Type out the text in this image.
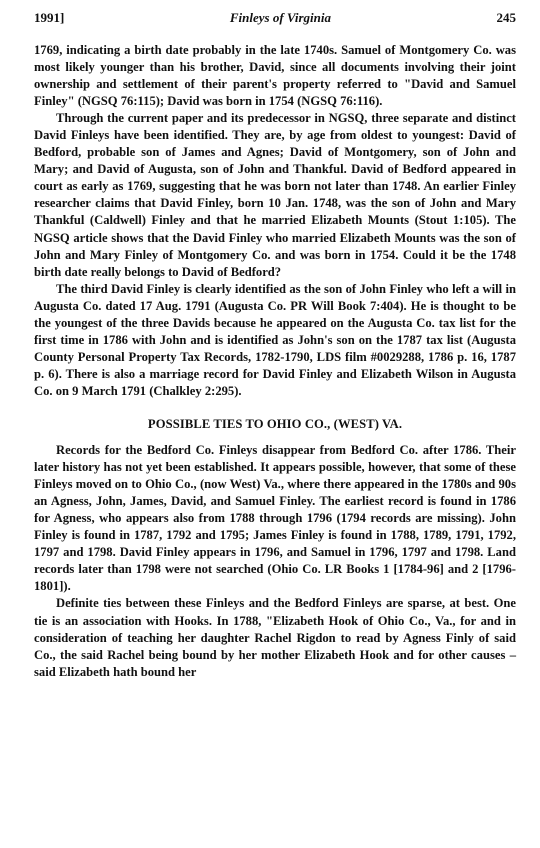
1991]	Finleys of Virginia	245

1769, indicating a birth date probably in the late 1740s. Samuel of Montgomery Co. was most likely younger than his brother, David, since all documents involving their joint ownership and settlement of their parent's property referred to "David and Samuel Finley" (NGSQ 76:115); David was born in 1754 (NGSQ 76:116).

Through the current paper and its predecessor in NGSQ, three separate and distinct David Finleys have been identified. They are, by age from oldest to youngest: David of Bedford, probable son of James and Agnes; David of Montgomery, son of John and Mary; and David of Augusta, son of John and Thankful. David of Bedford appeared in court as early as 1769, suggesting that he was born not later than 1748. An earlier Finley researcher claims that David Finley, born 10 Jan. 1748, was the son of John and Mary Thankful (Caldwell) Finley and that he married Elizabeth Mounts (Stout 1:105). The NGSQ article shows that the David Finley who married Elizabeth Mounts was the son of John and Mary Finley of Montgomery Co. and was born in 1754. Could it be the 1748 birth date really belongs to David of Bedford?

The third David Finley is clearly identified as the son of John Finley who left a will in Augusta Co. dated 17 Aug. 1791 (Augusta Co. PR Will Book 7:404). He is thought to be the youngest of the three Davids because he appeared on the Augusta Co. tax list for the first time in 1786 with John and is identified as John's son on the 1787 tax list (Augusta County Personal Property Tax Records, 1782-1790, LDS film #0029288, 1786 p. 16, 1787 p. 6). There is also a marriage record for David Finley and Elizabeth Wilson in Augusta Co. on 9 March 1791 (Chalkley 2:295).

POSSIBLE TIES TO OHIO CO., (WEST) VA.

Records for the Bedford Co. Finleys disappear from Bedford Co. after 1786. Their later history has not yet been established. It appears possible, however, that some of these Finleys moved on to Ohio Co., (now West) Va., where there appeared in the 1780s and 90s an Agness, John, James, David, and Samuel Finley. The earliest record is found in 1786 for Agness, who appears also from 1788 through 1796 (1794 records are missing). John Finley is found in 1787, 1792 and 1795; James Finley is found in 1788, 1789, 1791, 1792, 1797 and 1798. David Finley appears in 1796, and Samuel in 1796, 1797 and 1798. Land records later than 1798 were not searched (Ohio Co. LR Books 1 [1784-96] and 2 [1796-1801]).

Definite ties between these Finleys and the Bedford Finleys are sparse, at best. One tie is an association with Hooks. In 1788, "Elizabeth Hook of Ohio Co., Va., for and in consideration of teaching her daughter Rachel Rigdon to read by Agness Finly of said Co., the said Rachel being bound by her mother Elizabeth Hook and for other causes – said Elizabeth hath bound her
